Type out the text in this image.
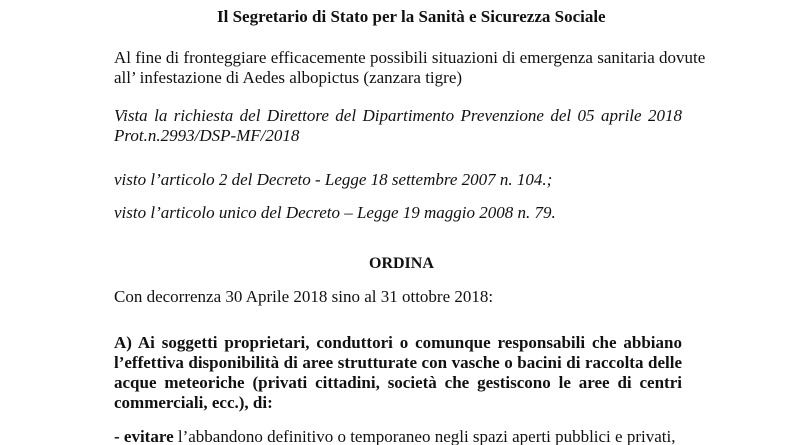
Il Segretario di Stato per la Sanità e Sicurezza Sociale
Al fine di fronteggiare efficacemente possibili situazioni di emergenza sanitaria dovute
all’ infestazione di Aedes albopictus (zanzara tigre)
Vista la richiesta del Direttore del Dipartimento Prevenzione del 05 aprile 2018
Prot.n.2993/DSP-MF/2018
visto l’articolo 2 del Decreto - Legge 18 settembre 2007 n. 104.;
visto l’articolo unico del Decreto – Legge 19 maggio 2008 n. 79.
ORDINA
Con decorrenza 30 Aprile 2018 sino al 31 ottobre 2018:
A) Ai soggetti proprietari, conduttori o comunque responsabili che abbiano
l’effettiva disponibilità di aree strutturate con vasche o bacini di raccolta delle
acque meteoriche (privati cittadini, società che gestiscono le aree di centri
commerciali, ecc.), di:
- evitare l’abbandono definitivo o temporaneo negli spazi aperti pubblici e privati,
